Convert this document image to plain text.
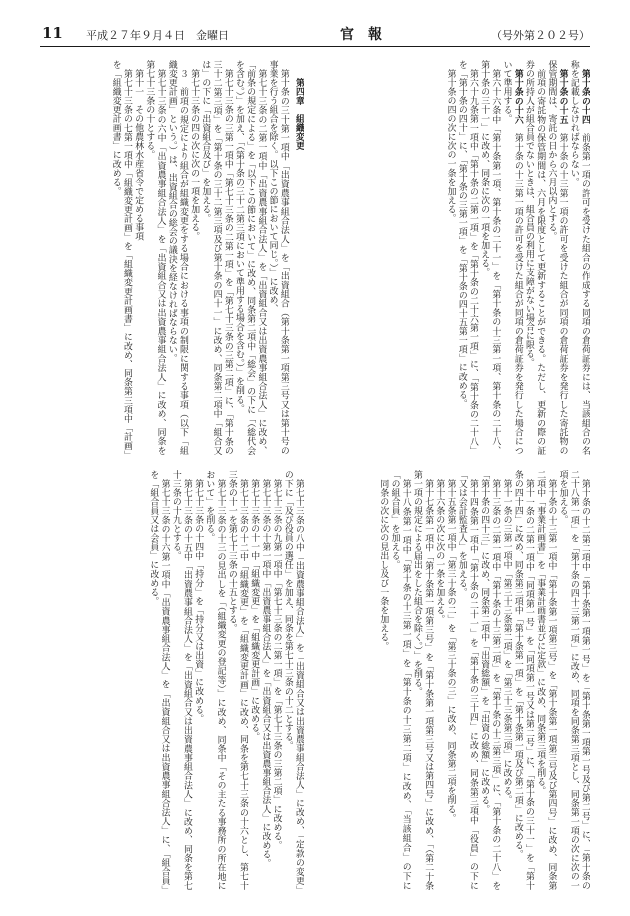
11 平成２７年９月４日　金曜日	官報	（号外第２０２号）
第十条の十四　前条第一項の許可を受けた組合の作成する同項の倉荷証券には、当該組合の名称を記載しなければならない。
第十条の十五　第十条の十三第一項の許可を受けた組合が同項の倉荷証券を発行した寄託物の保管期間は、寄託の日から六月以内とする。
前項の寄託物の保管期間は、六月を限度として更新することができる。ただし、更新の際の証券の所持人が組合員でないときは、組合員の利用に支障がない場合に限る。
第十条の十六　第十条の十三第一項の許可を受けた組合が同項の倉荷証券を発行した場合について準用する。
第六十六条中「第十条第一項、第十条の二十一」を「第十条の十三第一項、第十条の二十八、第十条の三十一」に改め、同条に次の一項を加える。
第六十九条第一項中「第十条の二第一項」を「第十条の二十六第一項」に、「第十条の二十八」を「第十条の四十」に、「第十条の三第一項」を「第十条の四十五第一項」に改める。
第十条の四の次に次の一条を加える。
第四章　組織変更
第十条の三十第一項中「出資農事組合法人」を「出資組合（第十条第一項第三号又は第十号の事業を行う組合を除く。以下この節において同じ。）」に改め、
第七十三条の二第一項中「出資農事組合法人」を「出資組合又は出資農事組合法人」に改め、「前条の規定による」を「以下この節において」に改め、同条第二項中「総会」の下に「（総代会を含む。）」を加え、「（第十条の三十二第三項において準用する場合を含む。）」を削る。
第七十三条の三第一項中「第七十三条の二第一項」を「第七十三条の三第二項」に、「第十条の三十二第三項」を「第十条の三十二第三項及び第十条の四十一」に改め、同条第二項中「組合又は」の下に「出資組合及び」を加える。
第七十三条の四の次に次の一項を加える。
３　前項の規定により組合が組織変更をする場合における事項の制限に関する事項（以下「組織変更計画」という。）は、出資組合の総会の議決を経なければならない。
第七十三条の六中「出資農事組合法人」を「出資組合又は出資農事組合法人」に改め、同条を第七十三条の十とする。
第十一　その他農林水産省令で定める事項
第七十三条の七第一項中「組織変更計画」を「組織変更計画書」に改め、同条第三項中「計画」を「組織変更計画書」に改める。
第十条の十二第二項中「第十条第一項第一号」を「第十条第一項第一号及び第二号」に、「第十条の二十八第一項」を「第十条の四十三第一項」に改め、同項を同条第三項とし、同条第一項の次に次の一項を加える。
第十条の十三第一項中「第十条第一項第三号」を「第十条第一項第三号及び第四号」に改め、同条第二項中「事業計画書」を「事業計画書並びに定款」に改め、同条第三項を削る。
第十一条の二第一項中「同項第一号」を「同項第一号又は第二号」に、「第十条の三十一」を「第十条の四十四」に改め、同条第三項中「第十条第一項」を「第十条第一項及び第二項」に改める。
第十一条の三第一項中「第三十三条第二項」を「第三十三条第三項」に改める。
第十三条の二第一項中「第十条の十三第二項」を「第十条の十三第三項」に、「第十条の二十八」を「第十条の四十三」に改め、同条第二項中「出資総額」を「出資の総額」に改める。
第十四条第一項中「第十条の二十一」を「第十条の三十四」に改め、同条第三項中「役員」の下に「又は会計監査人」を加える。
第十五条第一項中「第三十条の二」を「第三十条の三」に改め、同条第二項を削る。
第十六条の次に次の一条を加える。
第十七条第一項中「第十条第一項第三号」を「第十条第一項第三号又は第四号」に改め、「（第二十条第一項の規定による届出をした組合を除く。）」を削る。
第十八条第一項中「第十条の十三第一項」を「第十条の十三第二項」に改め、「当該組合」の下に「の組合員」を加える。
同条の次に次の見出し及び一条を加える。
第七十三条の八中「出資農事組合法人」を「出資組合又は出資農事組合法人」に改め、「定款の変更」の下に「及び役員の選任」を加え、同条を第七十三条の十二とする。
第七十三条の九第一項中「第七十三条の二第一項」を「第七十三条の三第二項」に改める。
第七十三条の十第一項中「出資農事組合法人」を「出資組合又は出資農事組合法人」に改める。
第七十三条の十一中「組織変更」を「組織変更計画」に改める。
第七十三条の十二中「組織変更」を「組織変更計画」に改め、同条を第七十三条の十六とし、第七十三条の十一を第七十三条の十五とする。
第七十三条の十三の見出しを「（組織変更の登記等）」に改め、同条中「その主たる事務所の所在地において」を削る。
第七十三条の十四中「持分」を「持分又は出資」に改める。
第七十三条の十五中「出資農事組合法人」を「出資組合又は出資農事組合法人」に改め、同条を第七十三条の十九とする。
第七十三条の十六第一項中「出資農事組合法人」を「出資組合又は出資農事組合法人」に、「組合員」を「組合員又は会員」に改める。
